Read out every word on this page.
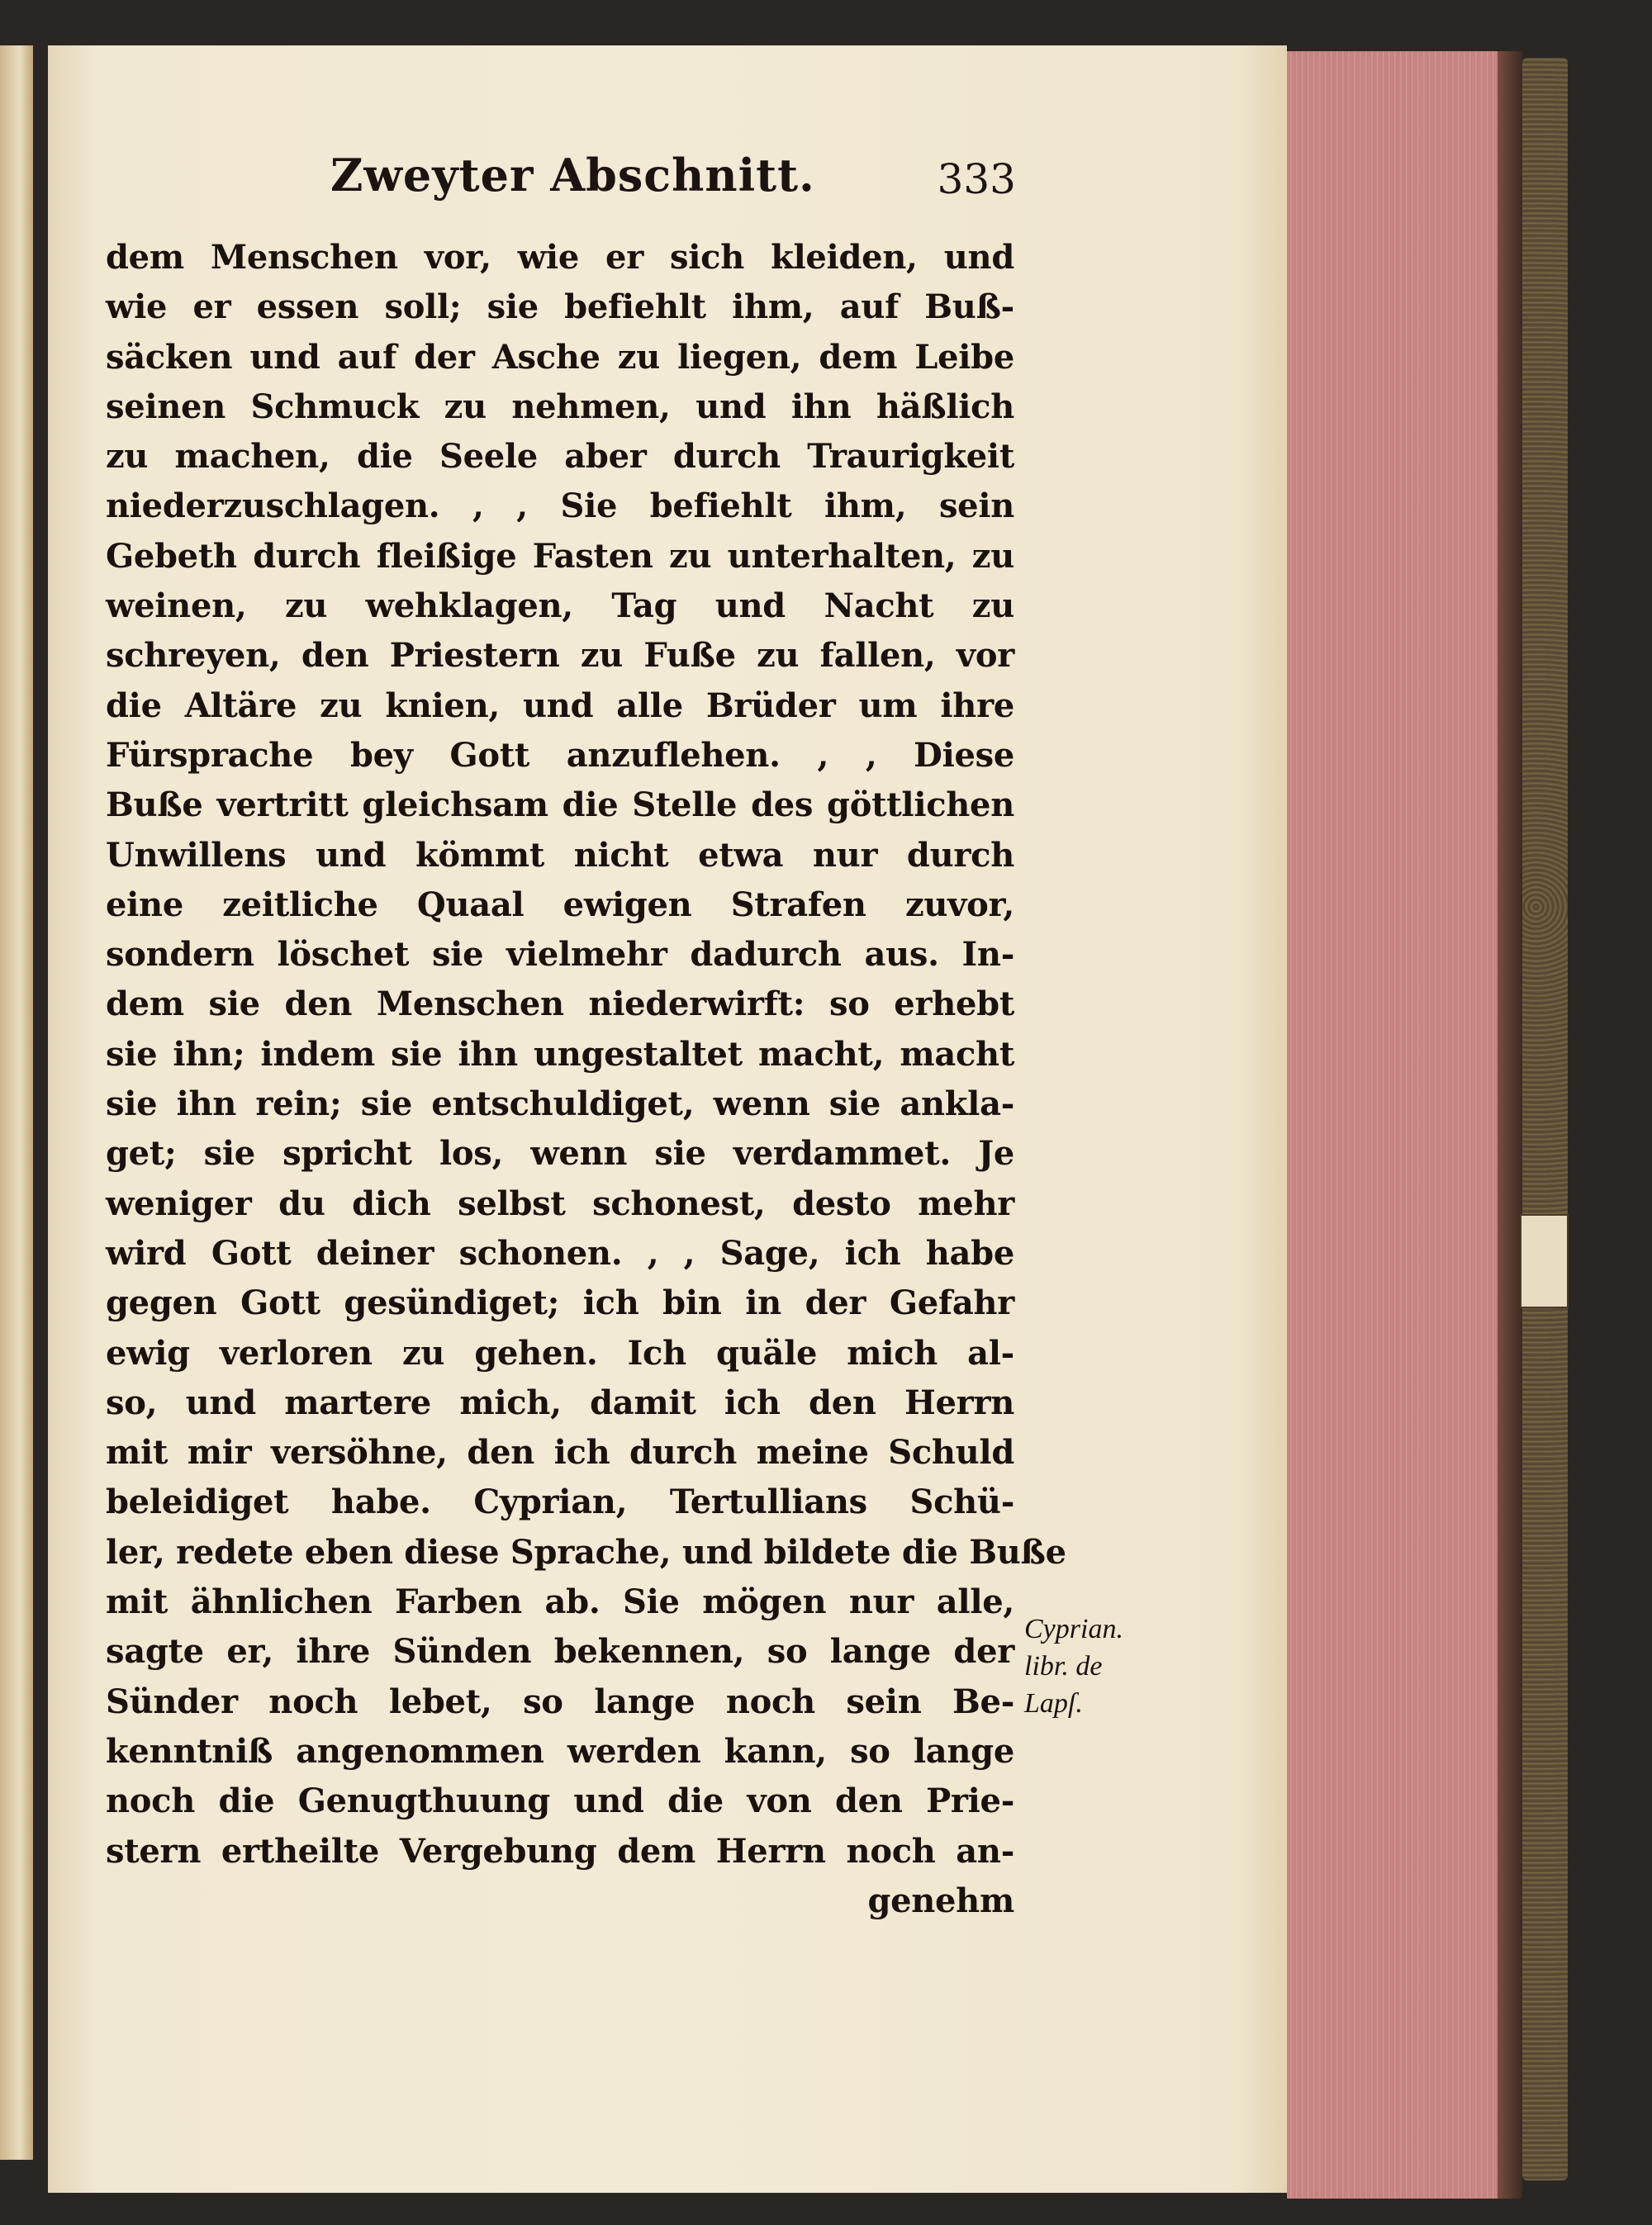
Zweyter Abschnitt.	333
dem Menschen vor, wie er sich kleiden, und
wie er essen soll; sie befiehlt ihm, auf Buß-
säcken und auf der Asche zu liegen, dem Leibe
seinen Schmuck zu nehmen, und ihn häßlich
zu machen, die Seele aber durch Traurigkeit
niederzuschlagen. , , Sie befiehlt ihm, sein
Gebeth durch fleißige Fasten zu unterhalten, zu
weinen, zu wehklagen, Tag und Nacht zu
schreyen, den Priestern zu Fuße zu fallen, vor
die Altäre zu knien, und alle Brüder um ihre
Fürsprache bey Gott anzuflehen. , , Diese
Buße vertritt gleichsam die Stelle des göttlichen
Unwillens und kömmt nicht etwa nur durch
eine zeitliche Quaal ewigen Strafen zuvor,
sondern löschet sie vielmehr dadurch aus. In-
dem sie den Menschen niederwirft: so erhebt
sie ihn; indem sie ihn ungestaltet macht, macht
sie ihn rein; sie entschuldiget, wenn sie ankla-
get; sie spricht los, wenn sie verdammet. Je
weniger du dich selbst schonest, desto mehr
wird Gott deiner schonen. , , Sage, ich habe
gegen Gott gesündiget; ich bin in der Gefahr
ewig verloren zu gehen. Ich quäle mich al-
so, und martere mich, damit ich den Herrn
mit mir versöhne, den ich durch meine Schuld
beleidiget habe. Cyprian, Tertullians Schü-
ler, redete eben diese Sprache, und bildete die Buße
mit ähnlichen Farben ab. Sie mögen nur alle,
sagte er, ihre Sünden bekennen, so lange der
Sünder noch lebet, so lange noch sein Be-
kenntniß angenommen werden kann, so lange
noch die Genugthuung und die von den Prie-
stern ertheilte Vergebung dem Herrn noch an-
genehm
Cyprian.
libr. de
Lapſ.
